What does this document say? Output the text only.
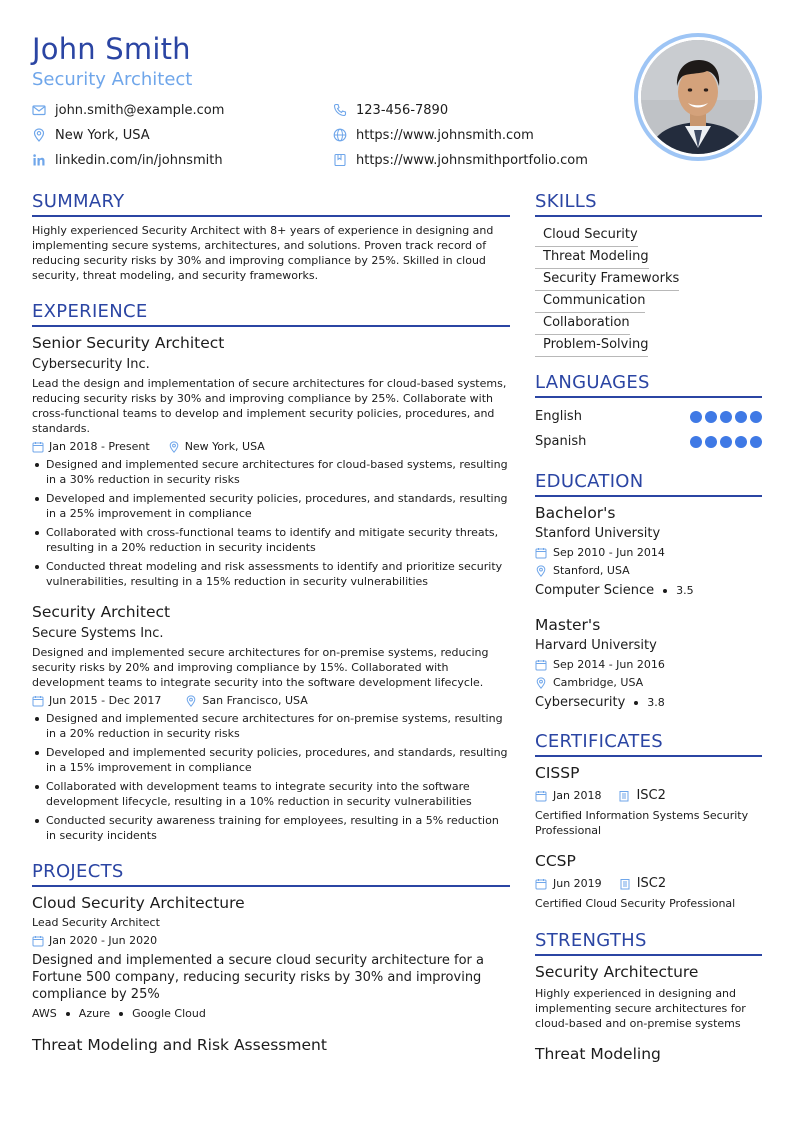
John Smith
Security Architect
john.smith@example.com	123-456-7890
New York, USA	https://www.johnsmith.com
linkedin.com/in/johnsmith	https://www.johnsmithportfolio.com
SUMMARY
Highly experienced Security Architect with 8+ years of experience in designing and implementing secure systems, architectures, and solutions. Proven track record of reducing security risks by 30% and improving compliance by 25%. Skilled in cloud security, threat modeling, and security frameworks.
EXPERIENCE
Senior Security Architect
Cybersecurity Inc.
Lead the design and implementation of secure architectures for cloud-based systems, reducing security risks by 30% and improving compliance by 25%. Collaborate with cross-functional teams to develop and implement security policies, procedures, and standards.
Jan 2018 - Present	New York, USA
Designed and implemented secure architectures for cloud-based systems, resulting in a 30% reduction in security risks
Developed and implemented security policies, procedures, and standards, resulting in a 25% improvement in compliance
Collaborated with cross-functional teams to identify and mitigate security threats, resulting in a 20% reduction in security incidents
Conducted threat modeling and risk assessments to identify and prioritize security vulnerabilities, resulting in a 15% reduction in security vulnerabilities
Security Architect
Secure Systems Inc.
Designed and implemented secure architectures for on-premise systems, reducing security risks by 20% and improving compliance by 15%. Collaborated with development teams to integrate security into the software development lifecycle.
Jun 2015 - Dec 2017	San Francisco, USA
Designed and implemented secure architectures for on-premise systems, resulting in a 20% reduction in security risks
Developed and implemented security policies, procedures, and standards, resulting in a 15% improvement in compliance
Collaborated with development teams to integrate security into the software development lifecycle, resulting in a 10% reduction in security vulnerabilities
Conducted security awareness training for employees, resulting in a 5% reduction in security incidents
PROJECTS
Cloud Security Architecture
Lead Security Architect
Jan 2020 - Jun 2020
Designed and implemented a secure cloud security architecture for a Fortune 500 company, reducing security risks by 30% and improving compliance by 25%
AWS Azure Google Cloud
Threat Modeling and Risk Assessment
SKILLS
Cloud Security
Threat Modeling
Security Frameworks
Communication
Collaboration
Problem-Solving
LANGUAGES
English
Spanish
EDUCATION
Bachelor's
Stanford University
Sep 2010 - Jun 2014
Stanford, USA
Computer Science 3.5
Master's
Harvard University
Sep 2014 - Jun 2016
Cambridge, USA
Cybersecurity 3.8
CERTIFICATES
CISSP
Jan 2018	ISC2
Certified Information Systems Security Professional
CCSP
Jun 2019	ISC2
Certified Cloud Security Professional
STRENGTHS
Security Architecture
Highly experienced in designing and implementing secure architectures for cloud-based and on-premise systems
Threat Modeling
